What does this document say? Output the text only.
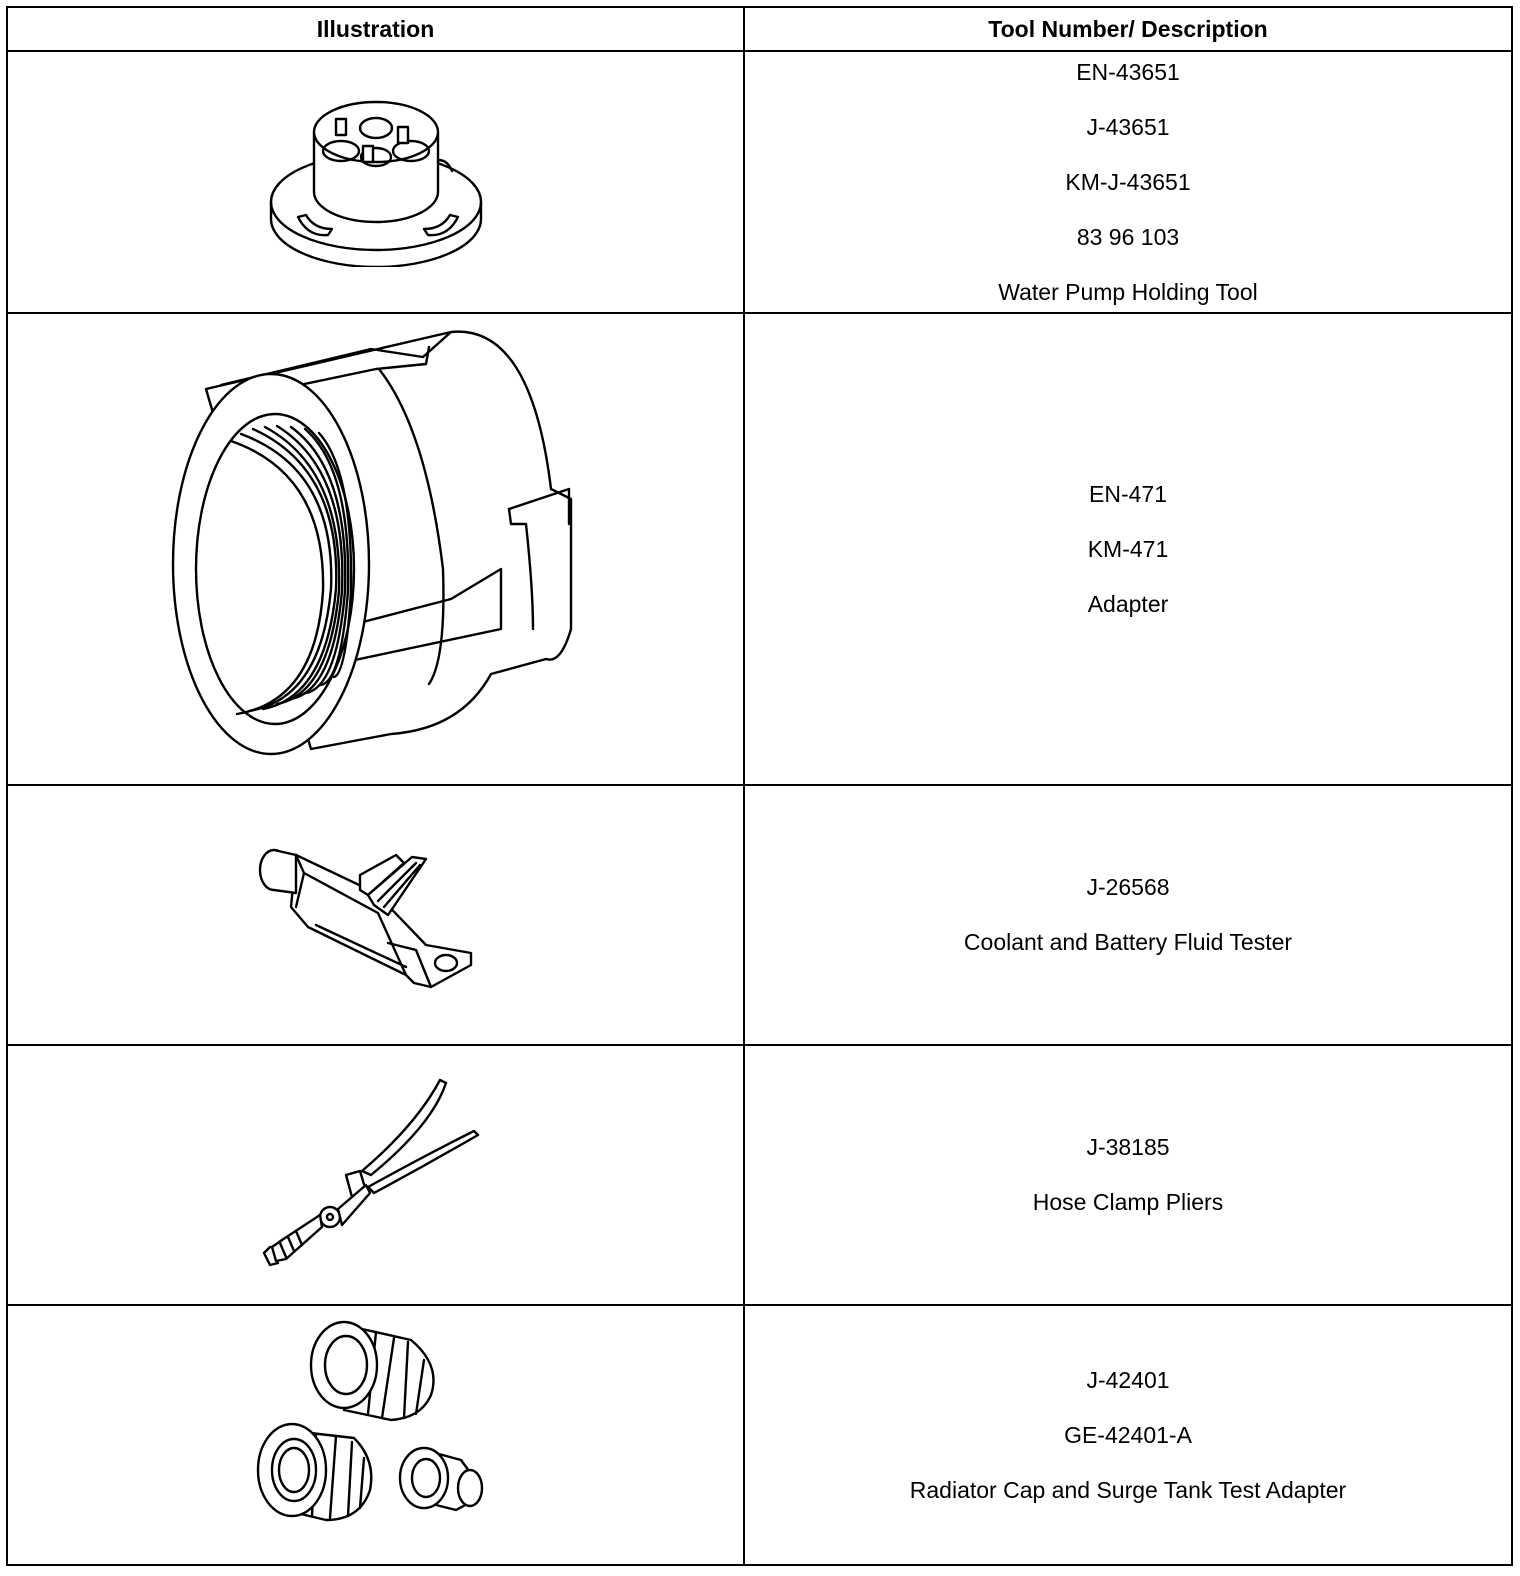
Illustration	Tool Number/ Description

EN-43651
J-43651
KM-J-43651
83 96 103
Water Pump Holding Tool

EN-471
KM-471
Adapter

J-26568
Coolant and Battery Fluid Tester

J-38185
Hose Clamp Pliers

J-42401
GE-42401-A
Radiator Cap and Surge Tank Test Adapter
